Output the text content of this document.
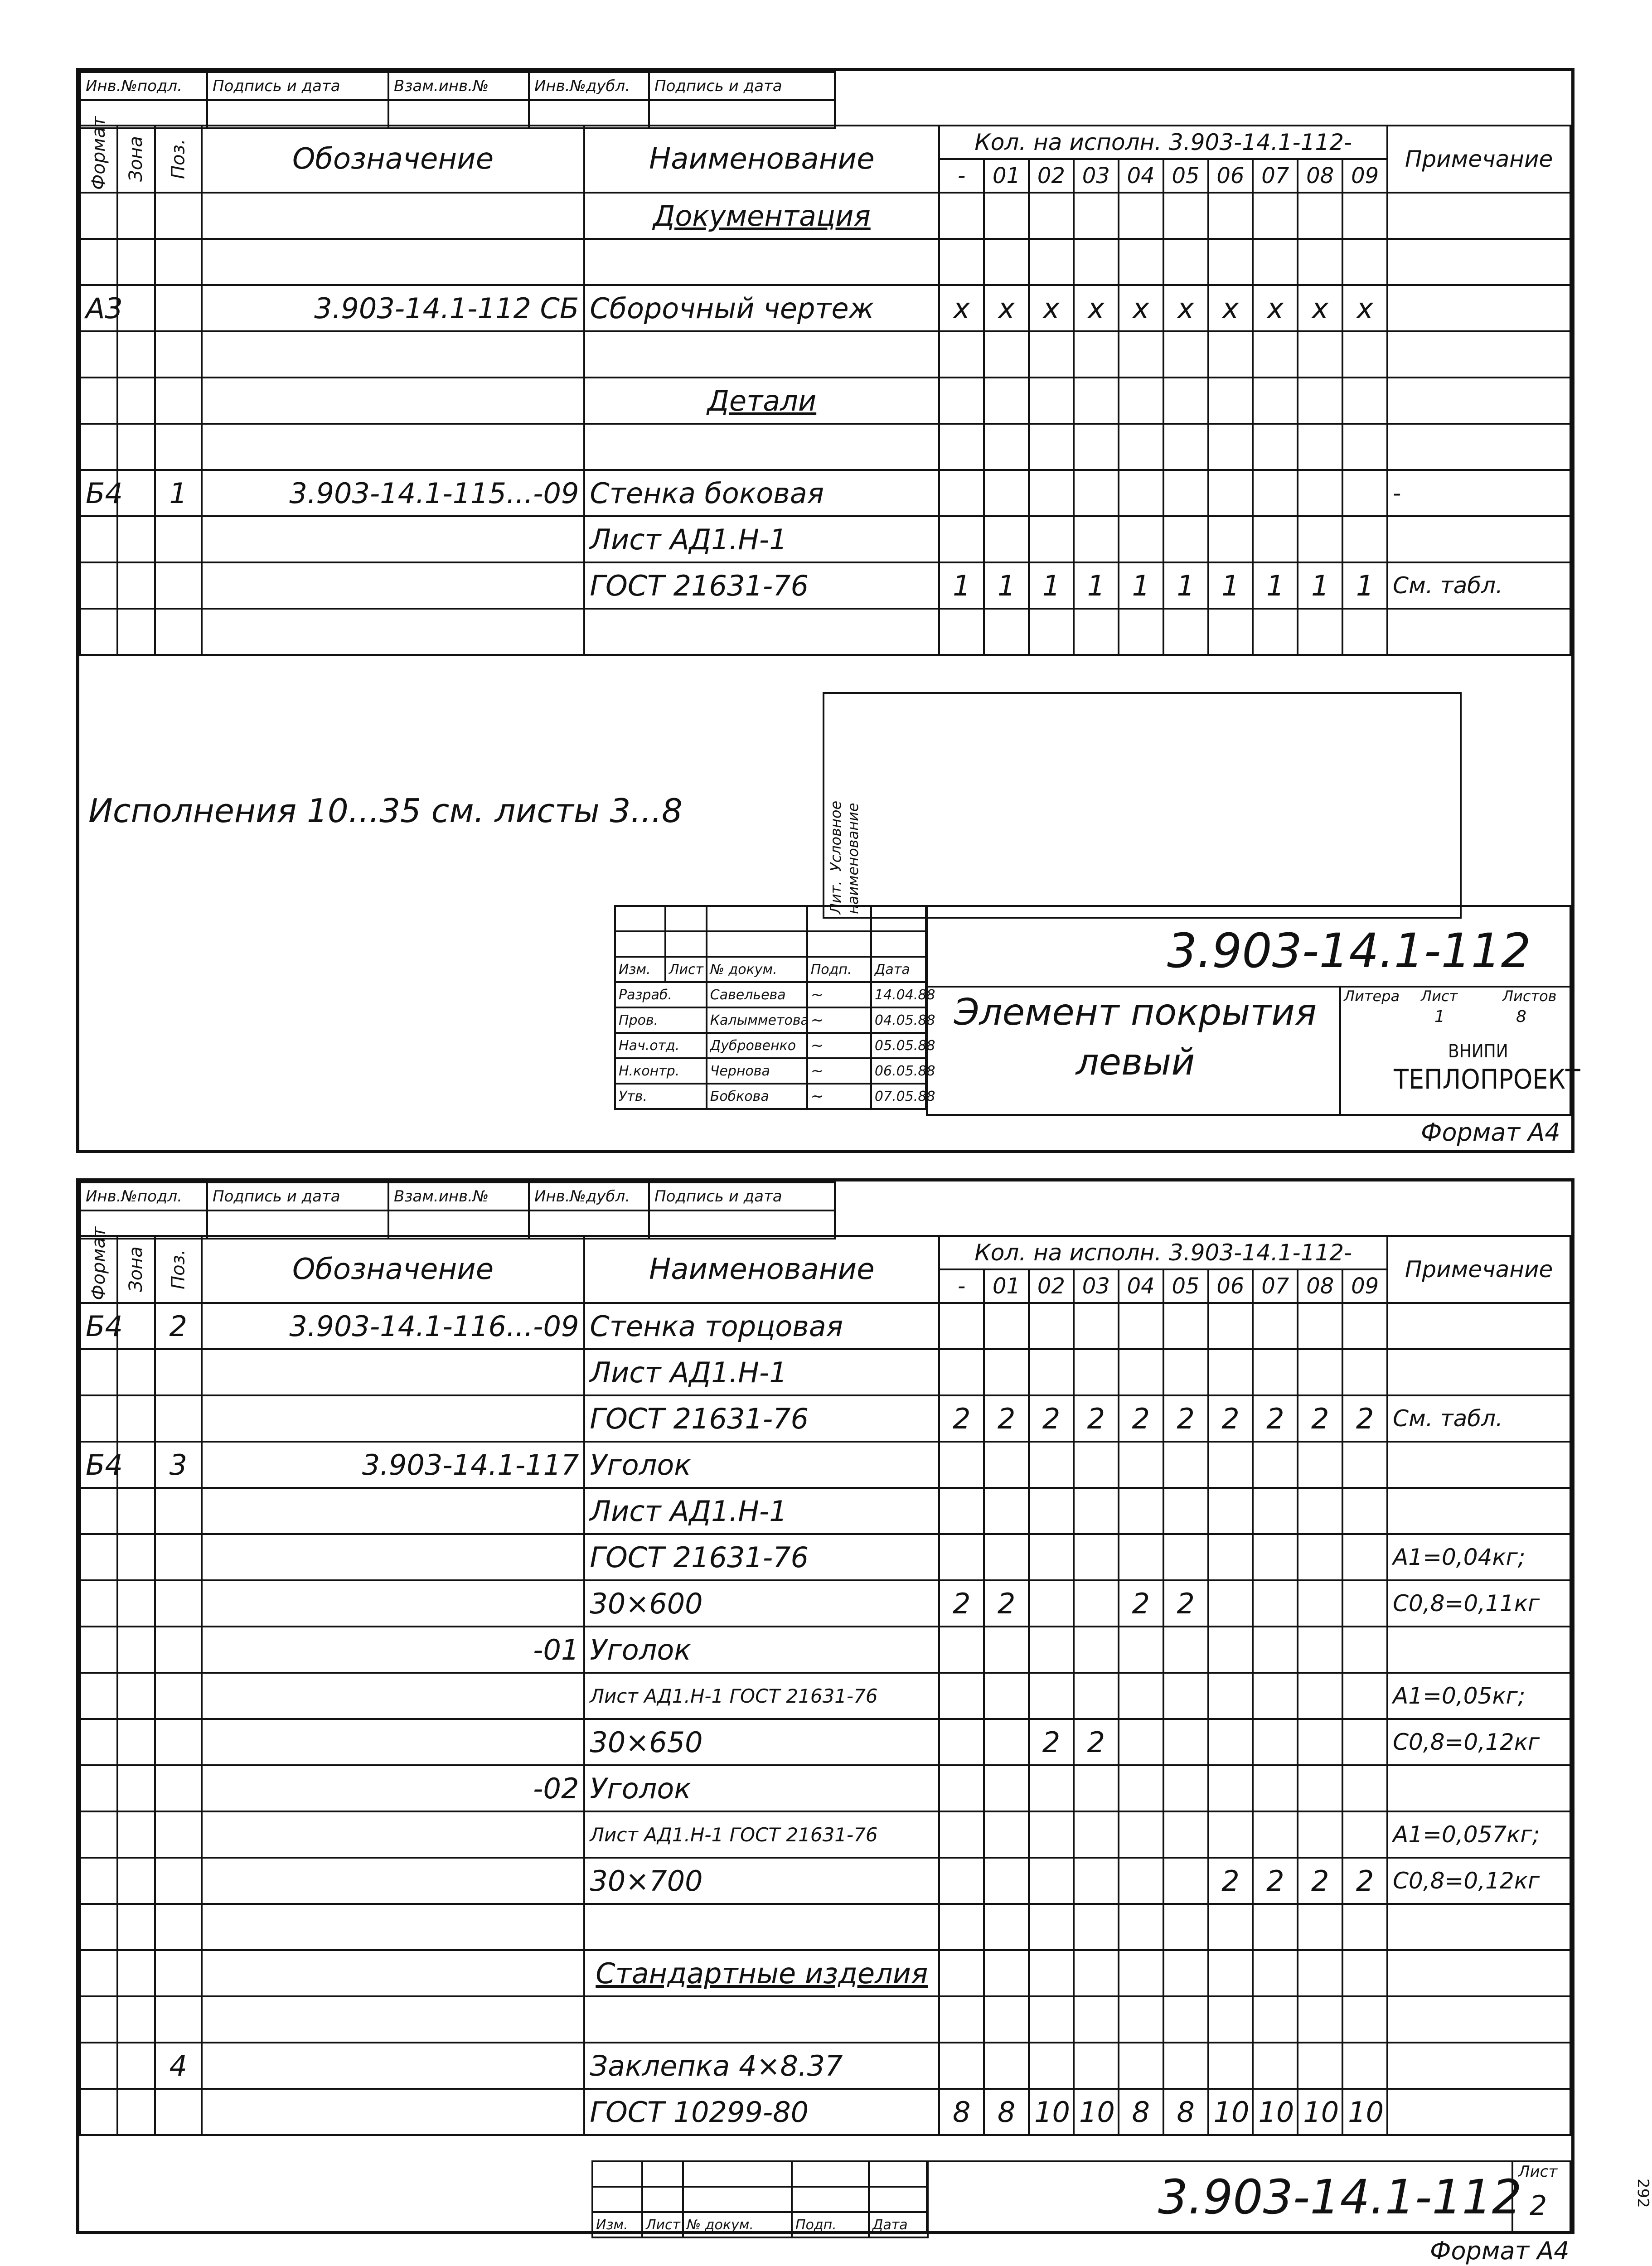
Инв.№подл.	Подпись и дата	Взам.инв.№	Инв.№дубл.	Подпись и дата

Формат	Зона	Поз.	Обозначение	Наименование	Кол. на исполн. 3.903-14.1-112-										Примечание
					-	01	02	03	04	05	06	07	08	09	
				Документация											

А3			3.903-14.1-112 СБ	Сборочный чертеж	x	x	x	x	x	x	x	x	x	x	

				Детали											

Б4		1	3.903-14.1-115...-09	Стенка боковая											-
				Лист АД1.Н-1											
				ГОСТ 21631-76	1	1	1	1	1	1	1	1	1	1	См. табл.

Исполнения 10...35 см. листы 3...8
Лит.  Условное наименование

Изм.	Лист	№ докум.	Подп.	Дата
Разраб.		Савельева	~	14.04.88
Пров.		Калымметова	~	04.05.88
Нач.отд.		Дубровенко	~	05.05.88
Н.контр.		Чернова	~	06.05.88
Утв.		Бобкова	~	07.05.88
3.903-14.1-112
Элемент покрытия
левый
Литера Лист	Листов
1	8
ВНИПИ
ТЕПЛОПРОЕКТ
Формат А4
Инв.№подл.	Подпись и дата	Взам.инв.№	Инв.№дубл.	Подпись и дата

Формат	Зона	Поз.	Обозначение	Наименование	Кол. на исполн. 3.903-14.1-112-										Примечание
					-	01	02	03	04	05	06	07	08	09	
Б4		2	3.903-14.1-116...-09	Стенка торцовая											
				Лист АД1.Н-1											
				ГОСТ 21631-76	2	2	2	2	2	2	2	2	2	2	См. табл.
Б4		3	3.903-14.1-117	Уголок											
				Лист АД1.Н-1											
				ГОСТ 21631-76											А1=0,04кг;
				30×600	2	2			2	2					С0,8=0,11кг
			-01	Уголок											
				Лист АД1.Н-1 ГОСТ 21631-76											А1=0,05кг;
				30×650			2	2							С0,8=0,12кг
			-02	Уголок											
				Лист АД1.Н-1 ГОСТ 21631-76											А1=0,057кг;
				30×700							2	2	2	2	С0,8=0,12кг

				Стандартные изделия											

		4		Заклепка 4×8.37											
				ГОСТ 10299-80	8	8	10	10	8	8	10	10	10	10	

Изм.	Лист	№ докум.	Подп.	Дата	3.903-14.1-112
Лист
2	292
Формат А4
